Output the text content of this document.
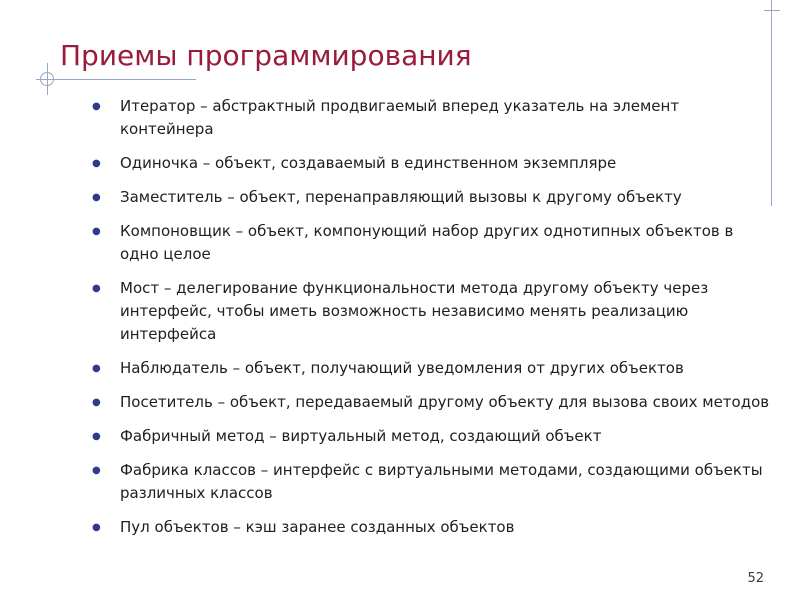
Приемы программирования
● Итератор – абстрактный продвигаемый вперед указатель на элемент контейнера
● Одиночка – объект, создаваемый в единственном экземпляре
● Заместитель – объект, перенаправляющий вызовы к другому объекту
● Компоновщик – объект, компонующий набор других однотипных объектов в одно целое
● Мост – делегирование функциональности метода другому объекту через интерфейс, чтобы иметь возможность независимо менять реализацию интерфейса
● Наблюдатель – объект, получающий уведомления от других объектов
● Посетитель – объект, передаваемый другому объекту для вызова своих методов
● Фабричный метод – виртуальный метод, создающий объект
● Фабрика классов – интерфейс с виртуальными методами, создающими объекты различных классов
● Пул объектов – кэш заранее созданных объектов
52
